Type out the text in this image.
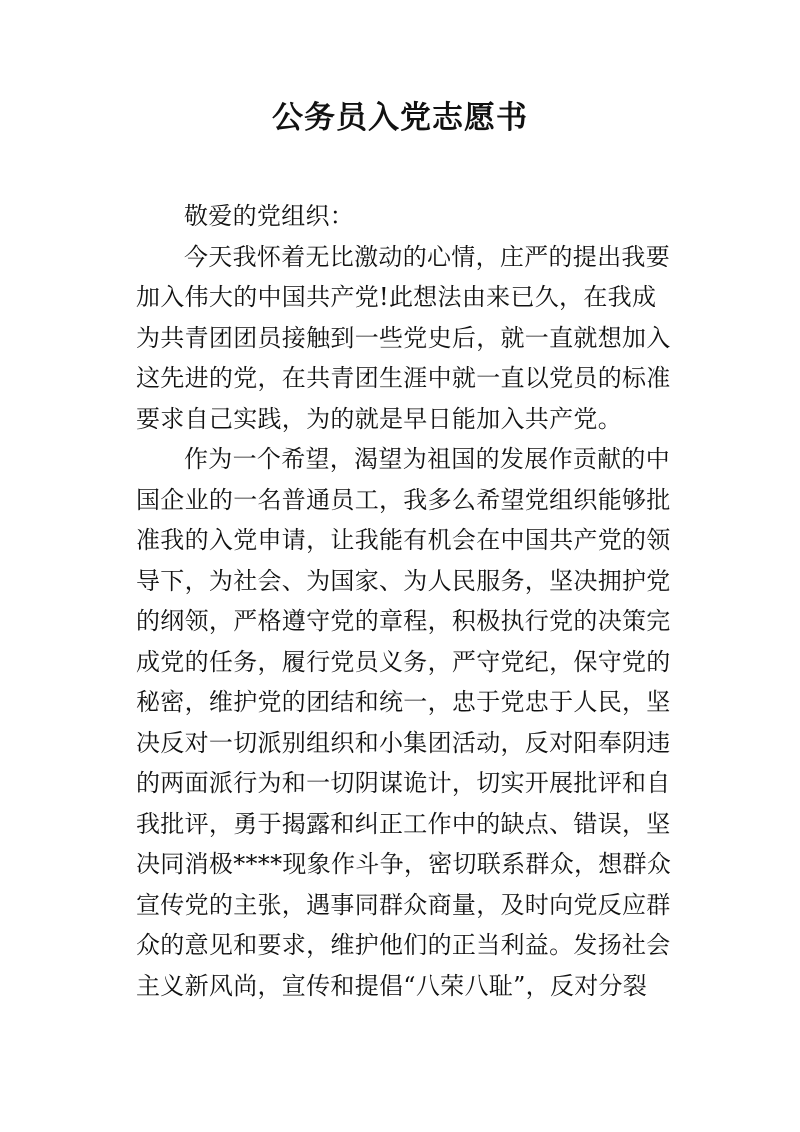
公务员入党志愿书
敬爱的党组织：
今天我怀着无比激动的心情，庄严的提出我要
加入伟大的中国共产党!此想法由来已久，在我成
为共青团团员接触到一些党史后，就一直就想加入
这先进的党，在共青团生涯中就一直以党员的标准
要求自己实践，为的就是早日能加入共产党。
作为一个希望，渴望为祖国的发展作贡献的中
国企业的一名普通员工，我多么希望党组织能够批
准我的入党申请，让我能有机会在中国共产党的领
导下，为社会、为国家、为人民服务，坚决拥护党
的纲领，严格遵守党的章程，积极执行党的决策完
成党的任务，履行党员义务，严守党纪，保守党的
秘密，维护党的团结和统一，忠于党忠于人民，坚
决反对一切派别组织和小集团活动，反对阳奉阴违
的两面派行为和一切阴谋诡计，切实开展批评和自
我批评，勇于揭露和纠正工作中的缺点、错误，坚
决同消极****现象作斗争，密切联系群众，想群众
宣传党的主张，遇事同群众商量，及时向党反应群
众的意见和要求，维护他们的正当利益。发扬社会
主义新风尚，宣传和提倡“八荣八耻”，反对分裂
